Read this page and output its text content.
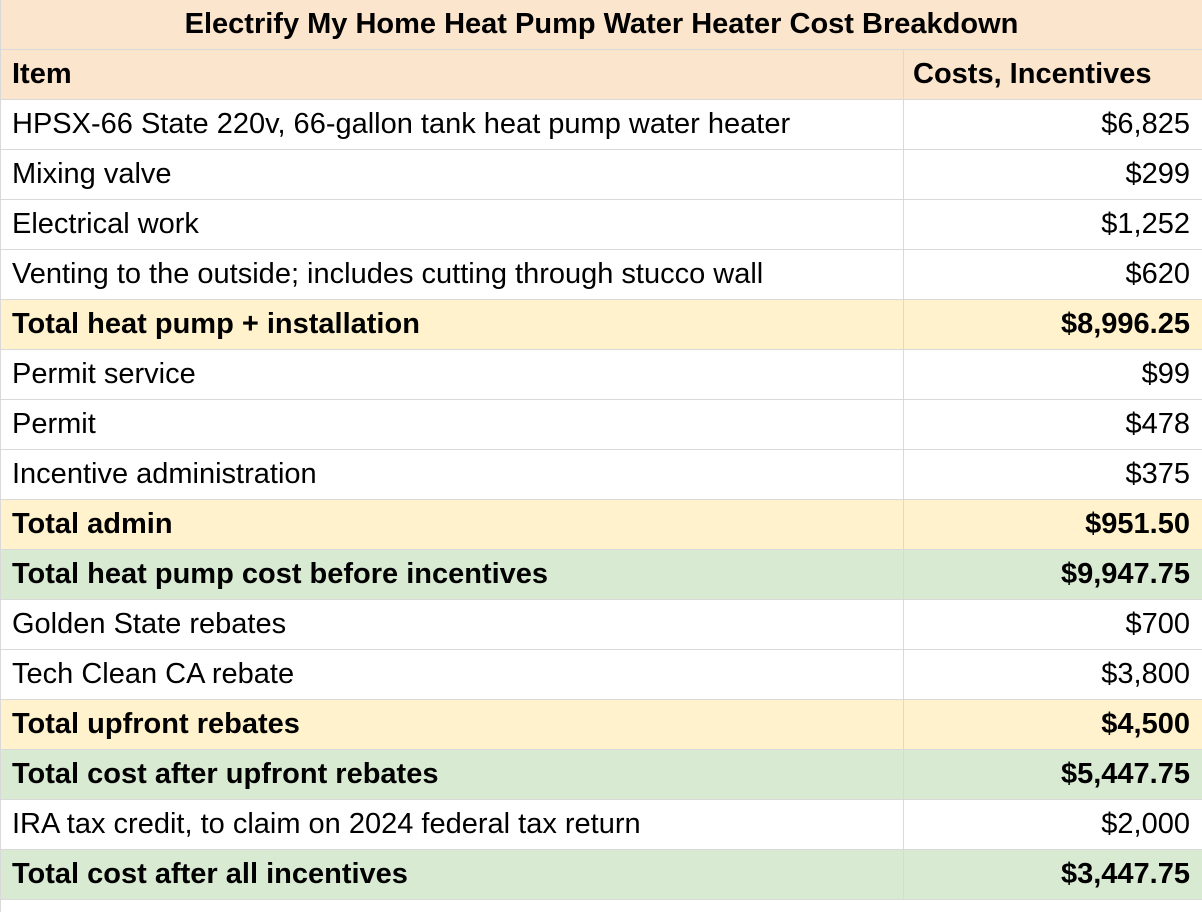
Electrify My Home Heat Pump Water Heater Cost Breakdown
Item	Costs, Incentives
HPSX-66 State 220v, 66-gallon tank heat pump water heater	$6,825
Mixing valve	$299
Electrical work	$1,252
Venting to the outside; includes cutting through stucco wall	$620
Total heat pump + installation	$8,996.25
Permit service	$99
Permit	$478
Incentive administration	$375
Total admin	$951.50
Total heat pump cost before incentives	$9,947.75
Golden State rebates	$700
Tech Clean CA rebate	$3,800
Total upfront rebates	$4,500
Total cost after upfront rebates	$5,447.75
IRA tax credit, to claim on 2024 federal tax return	$2,000
Total cost after all incentives	$3,447.75
